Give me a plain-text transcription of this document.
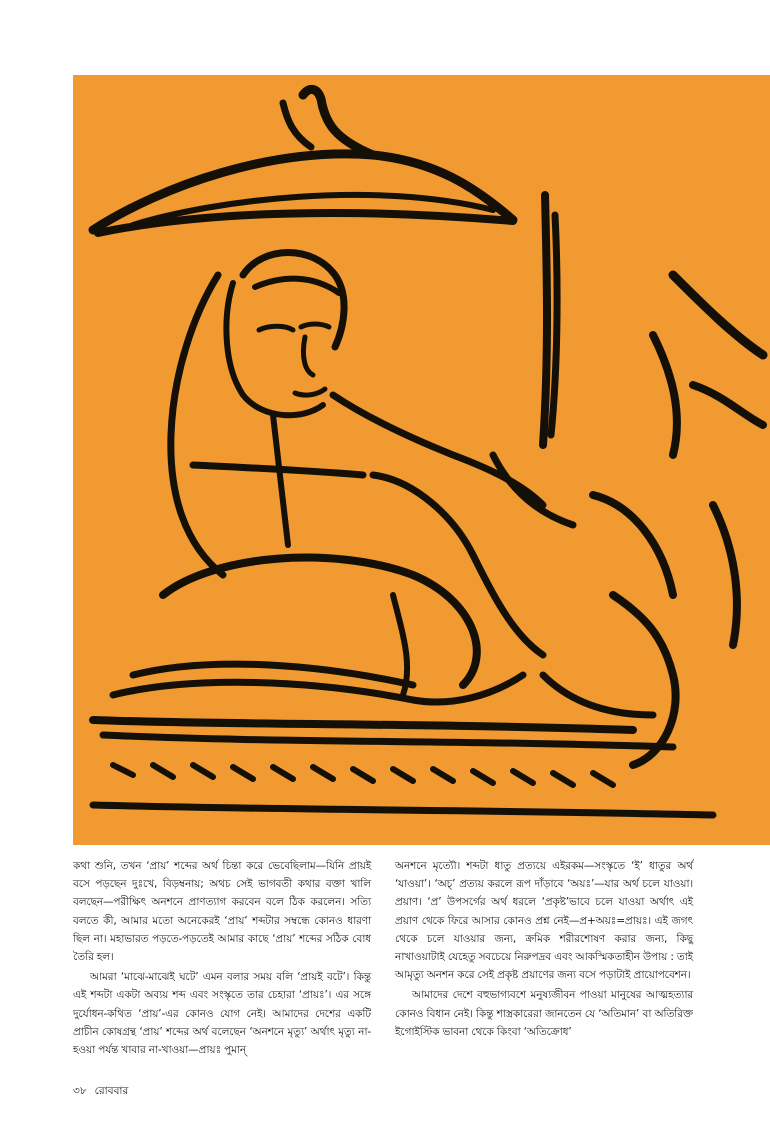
কথা শুনি, তখন ‘প্রায়’ শব্দের অর্থ চিন্তা করে ভেবেছিলাম—যিনি প্রায়ই বসে পড়ছেন দুঃখে, বিড়ম্বনায়; অথচ সেই ভাগবতী কথার বক্তা খালি বলছেন—পরীক্ষিৎ অনশনে প্রাণত্যাগ করবেন বলে ঠিক করলেন। সত্যি বলতে কী, আমার মতো অনেকেরই ‘প্রায়’ শব্দটার সম্বন্ধে কোনও ধারণা ছিল না। মহাভারত পড়তে-পড়তেই আমার কাছে ‘প্রায়’ শব্দের সঠিক বোধ তৈরি হল।

আমরা ‘মাঝে-মাঝেই ঘটে’ এমন বলার সময় বলি ‘প্রায়ই বটে’। কিন্তু এই শব্দটা একটা অব্যয় শব্দ এবং সংস্কৃতে তার চেহারা ‘প্রায়ঃ’। এর সঙ্গে দুর্যোধন-কথিত ‘প্রায়’-এর কোনও যোগ নেই। আমাদের দেশের একটি প্রাচীন কোষগ্রন্থ ‘প্রায়’ শব্দের অর্থ বলেছেন ‘অনশনে মৃত্যু’ অর্থাৎ মৃত্যু না-হওয়া পর্যন্ত খাবার না-খাওয়া—প্রায়ঃ পুমান্

অনশনে মৃত্যৌ। শব্দটা ধাতু প্রত্যয়ে এইরকম—সংস্কৃতে ‘ই’ ধাতুর অর্থ ‘যাওয়া’। ‘অচ্’ প্রত্যয় করলে রূপ দাঁড়াবে ‘অয়ঃ’—যার অর্থ চলে যাওয়া। প্রয়াণ। ‘প্র’ উপসর্গের অর্থ ধরলে ‘প্রকৃষ্ট’ভাবে চলে যাওয়া অর্থাৎ এই প্রয়াণ থেকে ফিরে আসার কোনও প্রশ্ন নেই—প্র+অয়ঃ=প্রায়ঃ। এই জগৎ থেকে চলে যাওয়ার জন্য, ক্রমিক শরীরশোষণ করার জন্য, কিছু নাখাওয়াটাই যেহেতু সবচেয়ে নিরুপদ্রব এবং আকস্মিকতাহীন উপায় : তাই আমৃত্যু অনশন করে সেই প্রকৃষ্ট প্রয়াণের জন্য বসে পড়াটাই প্রায়োপবেশন।

আমাদের দেশে বহুভাগ্যবশে মনুষ্যজীবন পাওয়া মানুষের আত্মহত্যার কোনও বিধান নেই। কিন্তু শাস্ত্রকারেরা জানতেন যে ‘অতিমান’ বা অতিরিক্ত ইগোইস্টিক ভাবনা থেকে কিংবা ‘অতিক্রোধ’

৩৮ রোববার
